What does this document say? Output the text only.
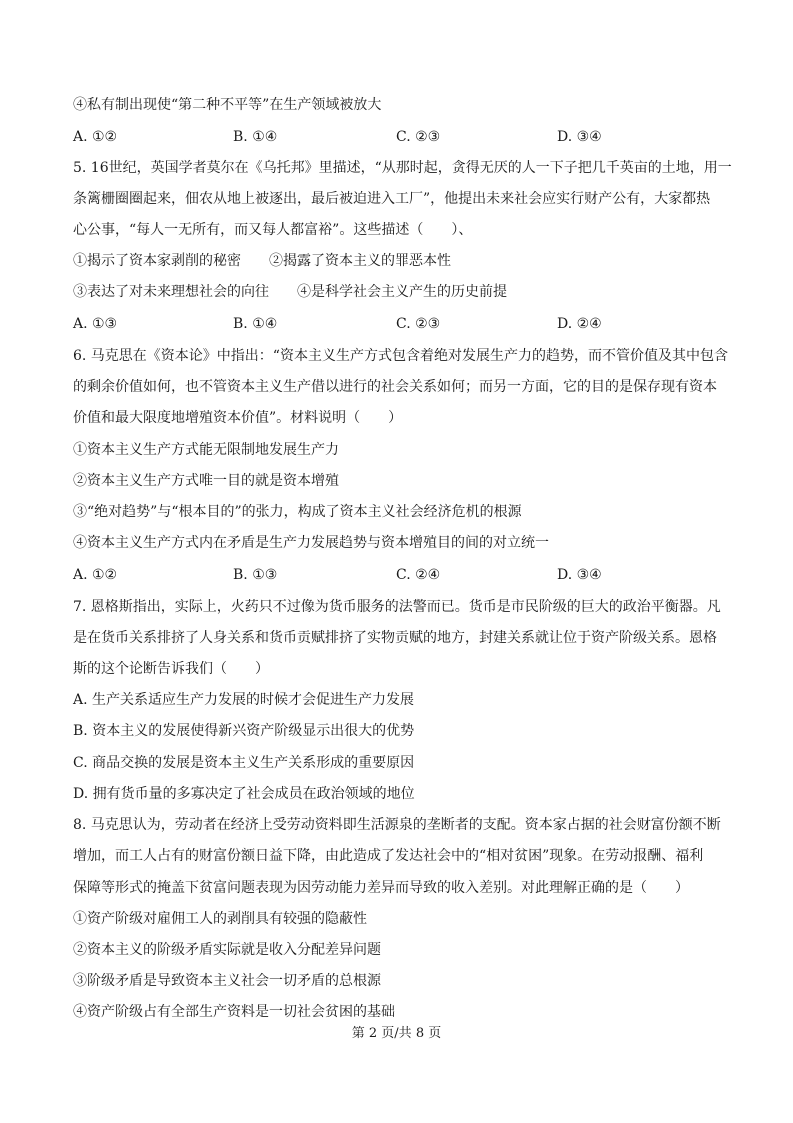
④私有制出现使“第二种不平等”在生产领域被放大
A. ①②	B. ①④	C. ②③	D. ③④
5. 16世纪，英国学者莫尔在《乌托邦》里描述，“从那时起，贪得无厌的人一下子把几千英亩的土地，用一
条篱栅圈圈起来，佃农从地上被逐出，最后被迫进入工厂”，他提出未来社会应实行财产公有，大家都热
心公事，“每人一无所有，而又每人都富裕”。这些描述（　　）、
①揭示了资本家剥削的秘密　　②揭露了资本主义的罪恶本性
③表达了对未来理想社会的向往　　④是科学社会主义产生的历史前提
A. ①③	B. ①④	C. ②③	D. ②④
6. 马克思在《资本论》中指出：“资本主义生产方式包含着绝对发展生产力的趋势，而不管价值及其中包含
的剩余价值如何，也不管资本主义生产借以进行的社会关系如何；而另一方面，它的目的是保存现有资本
价值和最大限度地增殖资本价值”。材料说明（　　）
①资本主义生产方式能无限制地发展生产力
②资本主义生产方式唯一目的就是资本增殖
③“绝对趋势”与“根本目的”的张力，构成了资本主义社会经济危机的根源
④资本主义生产方式内在矛盾是生产力发展趋势与资本增殖目的间的对立统一
A. ①②	B. ①③	C. ②④	D. ③④
7. 恩格斯指出，实际上，火药只不过像为货币服务的法警而已。货币是市民阶级的巨大的政治平衡器。凡
是在货币关系排挤了人身关系和货币贡赋排挤了实物贡赋的地方，封建关系就让位于资产阶级关系。恩格
斯的这个论断告诉我们（　　）
A. 生产关系适应生产力发展的时候才会促进生产力发展
B. 资本主义的发展使得新兴资产阶级显示出很大的优势
C. 商品交换的发展是资本主义生产关系形成的重要原因
D. 拥有货币量的多寡决定了社会成员在政治领域的地位
8. 马克思认为，劳动者在经济上受劳动资料即生活源泉的垄断者的支配。资本家占据的社会财富份额不断
增加，而工人占有的财富份额日益下降，由此造成了发达社会中的“相对贫困”现象。在劳动报酬、福利
保障等形式的掩盖下贫富问题表现为因劳动能力差异而导致的收入差别。对此理解正确的是（　　）
①资产阶级对雇佣工人的剥削具有较强的隐蔽性
②资本主义的阶级矛盾实际就是收入分配差异问题
③阶级矛盾是导致资本主义社会一切矛盾的总根源
④资产阶级占有全部生产资料是一切社会贫困的基础
第 2 页/共 8 页
